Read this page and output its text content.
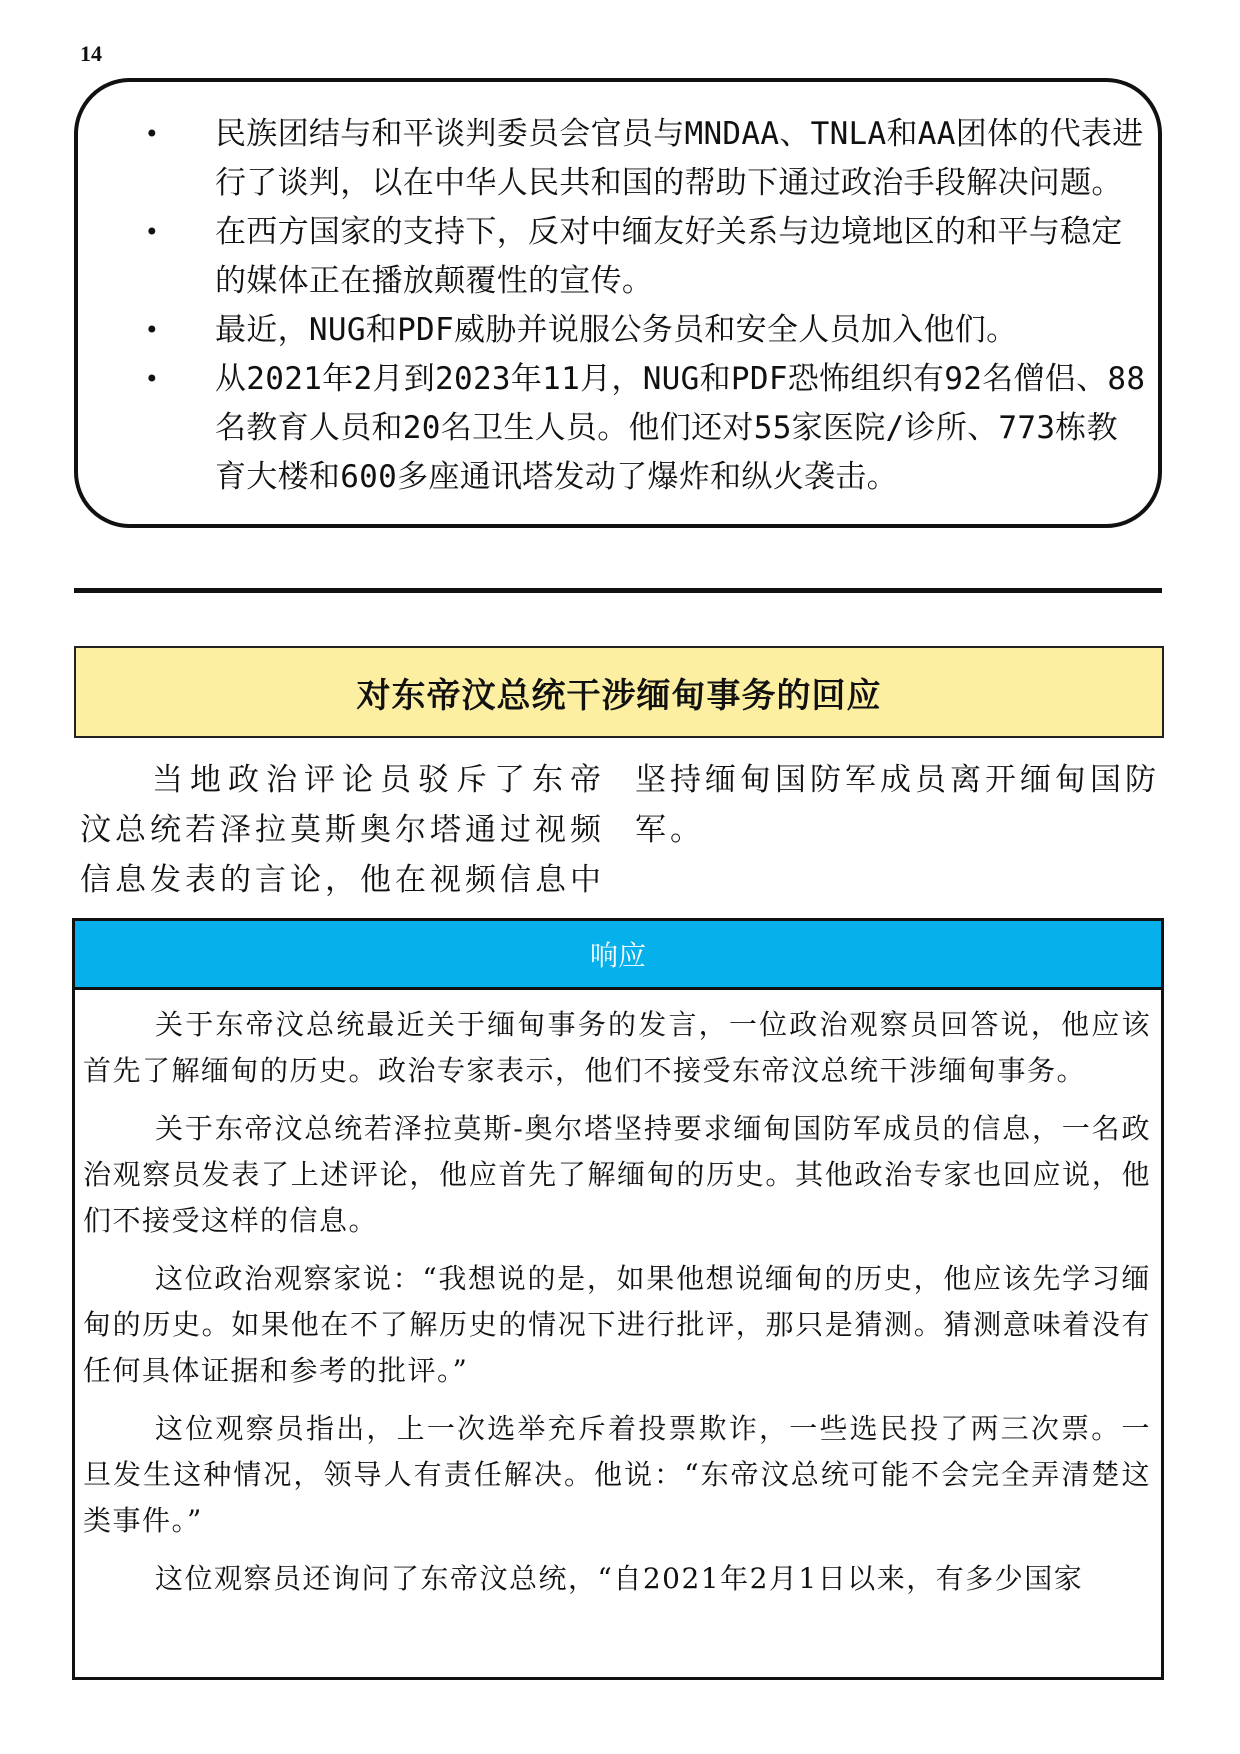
14
• 民族团结与和平谈判委员会官员与MNDAA、TNLA和AA团体的代表进行了谈判，以在中华人民共和国的帮助下通过政治手段解决问题。
• 在西方国家的支持下，反对中缅友好关系与边境地区的和平与稳定的媒体正在播放颠覆性的宣传。
• 最近，NUG和PDF威胁并说服公务员和安全人员加入他们。
• 从2021年2月到2023年11月，NUG和PDF恐怖组织有92名僧侣、88名教育人员和20名卫生人员。他们还对55家医院/诊所、773栋教育大楼和600多座通讯塔发动了爆炸和纵火袭击。
对东帝汶总统干涉缅甸事务的回应

当地政治评论员驳斥了东帝汶总统若泽拉莫斯奥尔塔通过视频信息发表的言论，他在视频信息中坚持缅甸国防军成员离开缅甸国防军。

响应

关于东帝汶总统最近关于缅甸事务的发言，一位政治观察员回答说，他应该首先了解缅甸的历史。政治专家表示，他们不接受东帝汶总统干涉缅甸事务。

关于东帝汶总统若泽拉莫斯-奥尔塔坚持要求缅甸国防军成员的信息，一名政治观察员发表了上述评论，他应首先了解缅甸的历史。其他政治专家也回应说，他们不接受这样的信息。

这位政治观察家说：“我想说的是，如果他想说缅甸的历史，他应该先学习缅甸的历史。如果他在不了解历史的情况下进行批评，那只是猜测。猜测意味着没有任何具体证据和参考的批评。”

这位观察员指出，上一次选举充斥着投票欺诈，一些选民投了两三次票。一旦发生这种情况，领导人有责任解决。他说：“东帝汶总统可能不会完全弄清楚这类事件。”

这位观察员还询问了东帝汶总统，“自2021年2月1日以来，有多少国家
